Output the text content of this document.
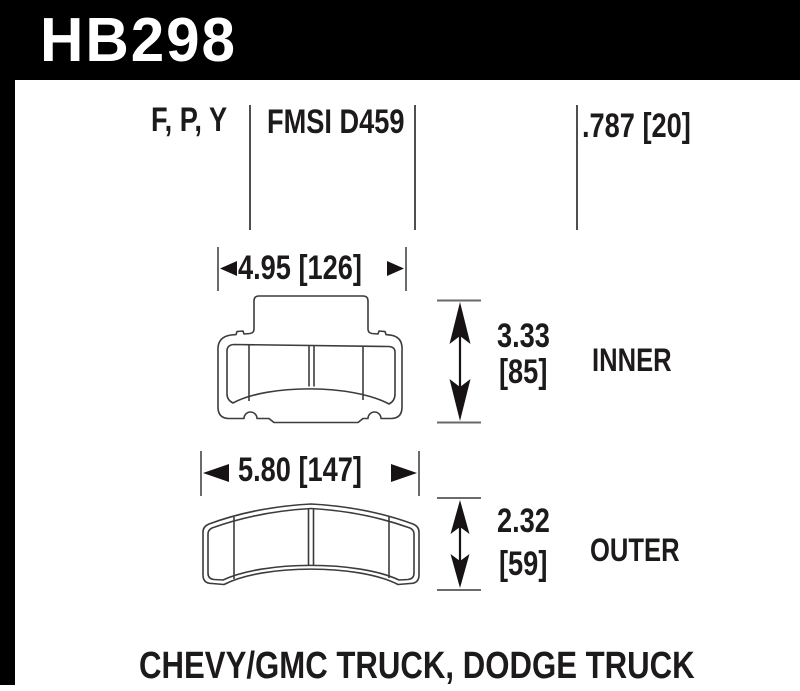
HB298
F, P, Y	FMSI D459	.787 [20]
4.95 [126]
3.33
[85]	INNER
5.80 [147]
2.32
[59]	OUTER
CHEVY/GMC TRUCK, DODGE TRUCK
